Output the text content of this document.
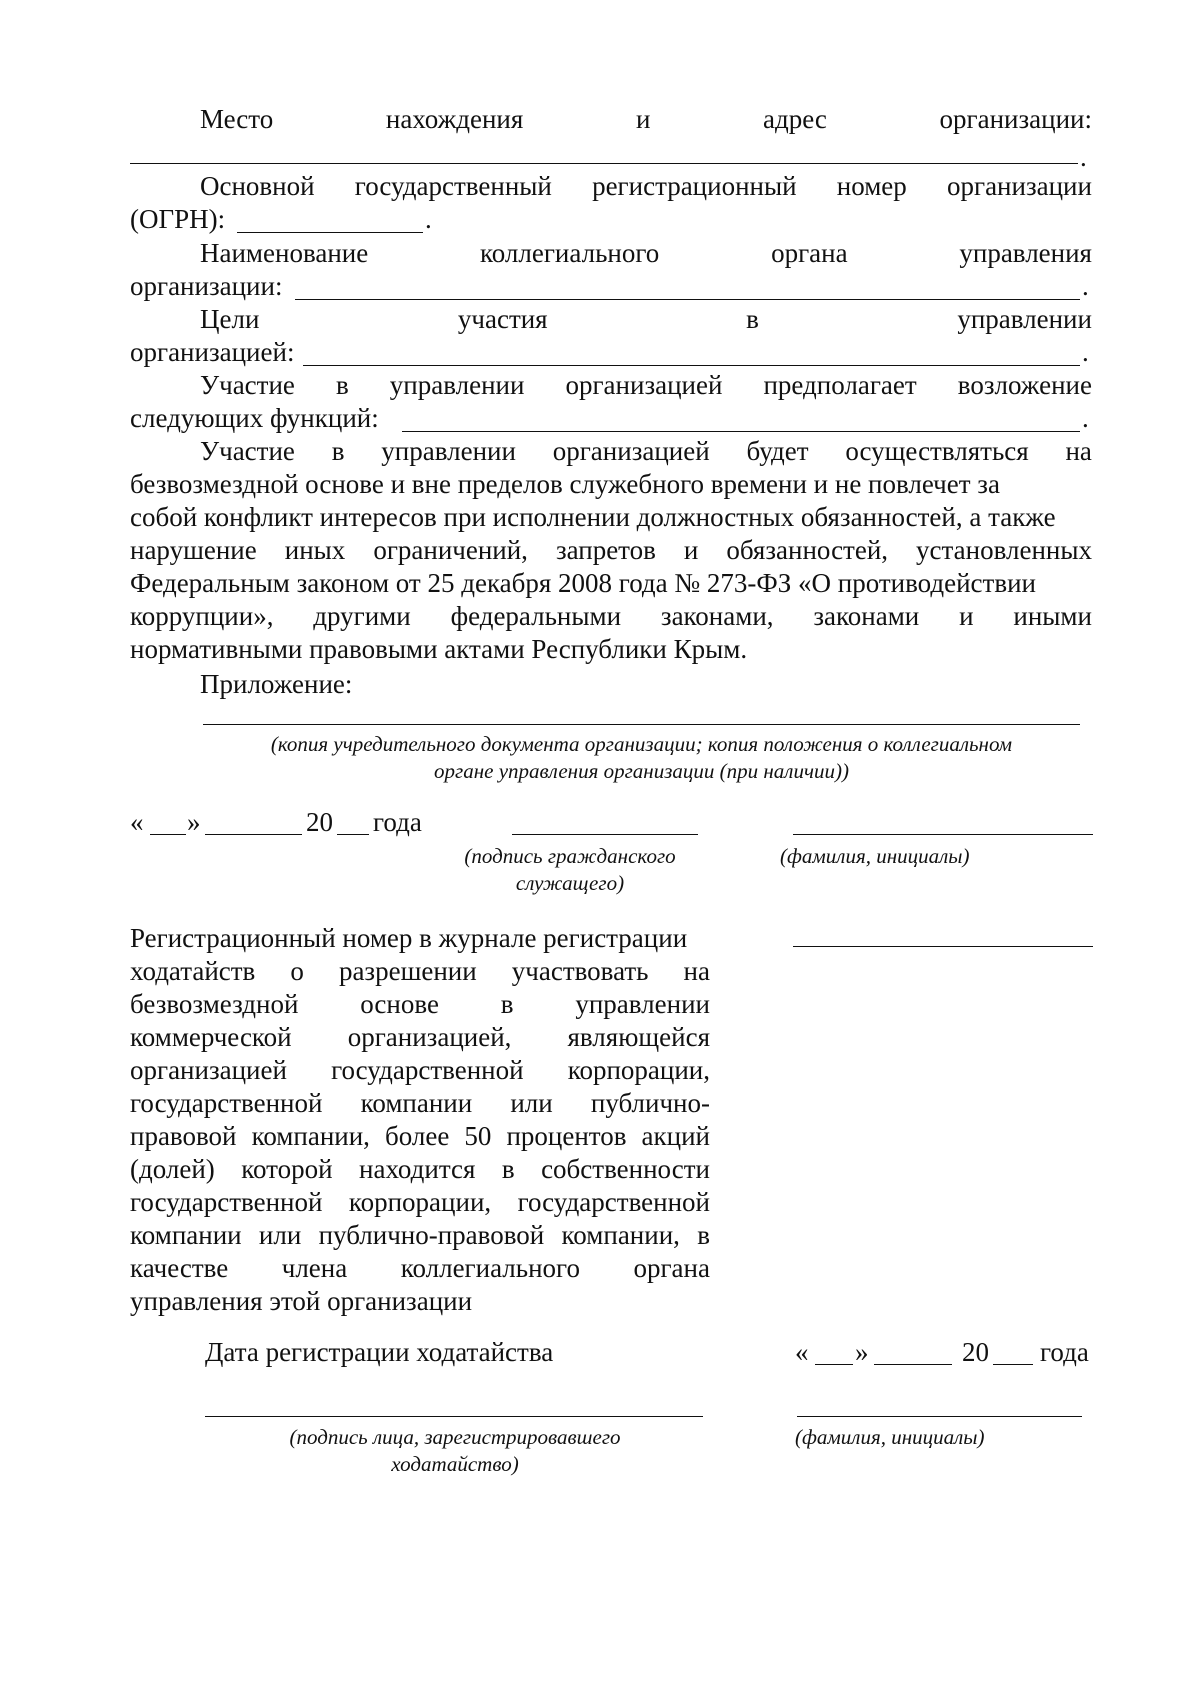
Место	нахождения	и	адрес	организации:
.
Основной государственный регистрационный номер организации
(ОГРН):	.
Наименование	коллегиального	органа	управления
организации:	.
Цели	участия	в	управлении
организацией:	.
Участие в управлении организацией предполагает возложение
следующих функций:	.
Участие в управлении организацией будет осуществляться на
безвозмездной основе и вне пределов служебного времени и не повлечет за
собой конфликт интересов при исполнении должностных обязанностей, а также
нарушение иных ограничений, запретов и обязанностей, установленных
Федеральным законом от 25 декабря 2008 года № 273-ФЗ «О противодействии
коррупции», другими федеральными законами, законами и иными
нормативными правовыми актами Республики Крым.
Приложение:
(копия учредительного документа организации; копия положения о коллегиальном
органе управления организации (при наличии))
« »	20 года
(подпись гражданского
служащего)
(фамилия, инициалы)
Регистрационный номер в журнале регистрации
ходатайств о разрешении участвовать на
безвозмездной основе в управлении
коммерческой организацией, являющейся
организацией государственной корпорации,
государственной компании или публично-
правовой компании, более 50 процентов акций
(долей) которой находится в собственности
государственной корпорации, государственной
компании или публично-правовой компании, в
качестве члена коллегиального органа
управления этой организации
Дата регистрации ходатайства	« »	20 года
(подпись лица, зарегистрировавшего
ходатайство)
(фамилия, инициалы)
